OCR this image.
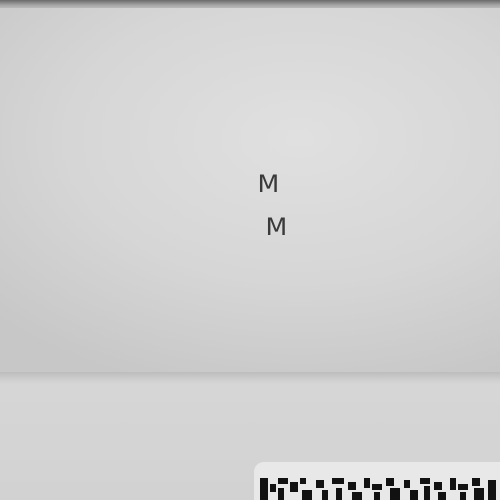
M
M
